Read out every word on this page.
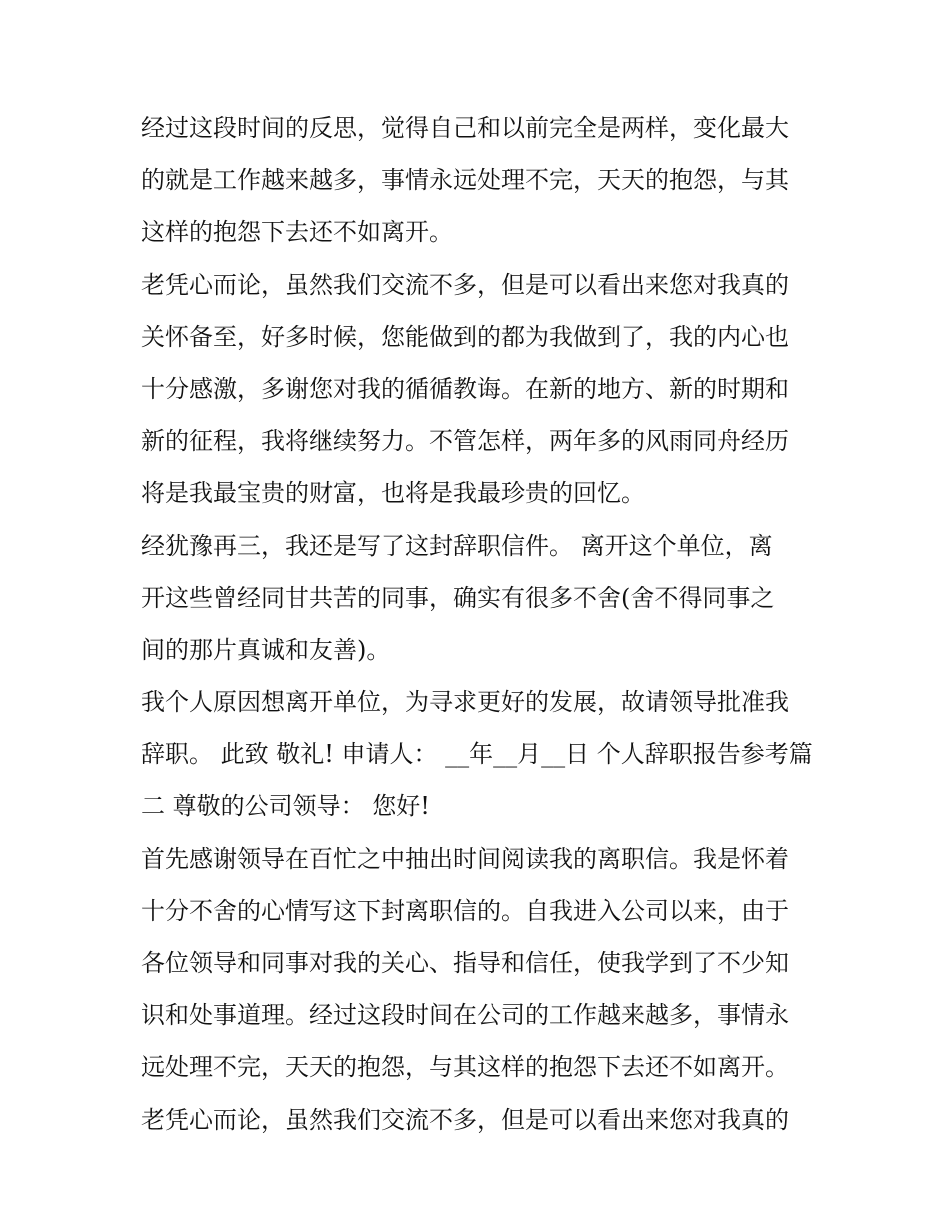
经过这段时间的反思，觉得自己和以前完全是两样，变化最大
的就是工作越来越多，事情永远处理不完，天天的抱怨，与其
这样的抱怨下去还不如离开。
老凭心而论，虽然我们交流不多，但是可以看出来您对我真的
关怀备至，好多时候，您能做到的都为我做到了，我的内心也
十分感激，多谢您对我的循循教诲。在新的地方、新的时期和
新的征程，我将继续努力。不管怎样，两年多的风雨同舟经历
将是我最宝贵的财富，也将是我最珍贵的回忆。
经犹豫再三，我还是写了这封辞职信件。 离开这个单位，离
开这些曾经同甘共苦的同事，确实有很多不舍(舍不得同事之
间的那片真诚和友善)。
我个人原因想离开单位，为寻求更好的发展，故请领导批准我
辞职。 此致 敬礼! 申请人： __年__月__日 个人辞职报告参考篇
二 尊敬的公司领导： 您好!
首先感谢领导在百忙之中抽出时间阅读我的离职信。我是怀着
十分不舍的心情写这下封离职信的。自我进入公司以来，由于
各位领导和同事对我的关心、指导和信任，使我学到了不少知
识和处事道理。经过这段时间在公司的工作越来越多，事情永
远处理不完，天天的抱怨，与其这样的抱怨下去还不如离开。
老凭心而论，虽然我们交流不多，但是可以看出来您对我真的
